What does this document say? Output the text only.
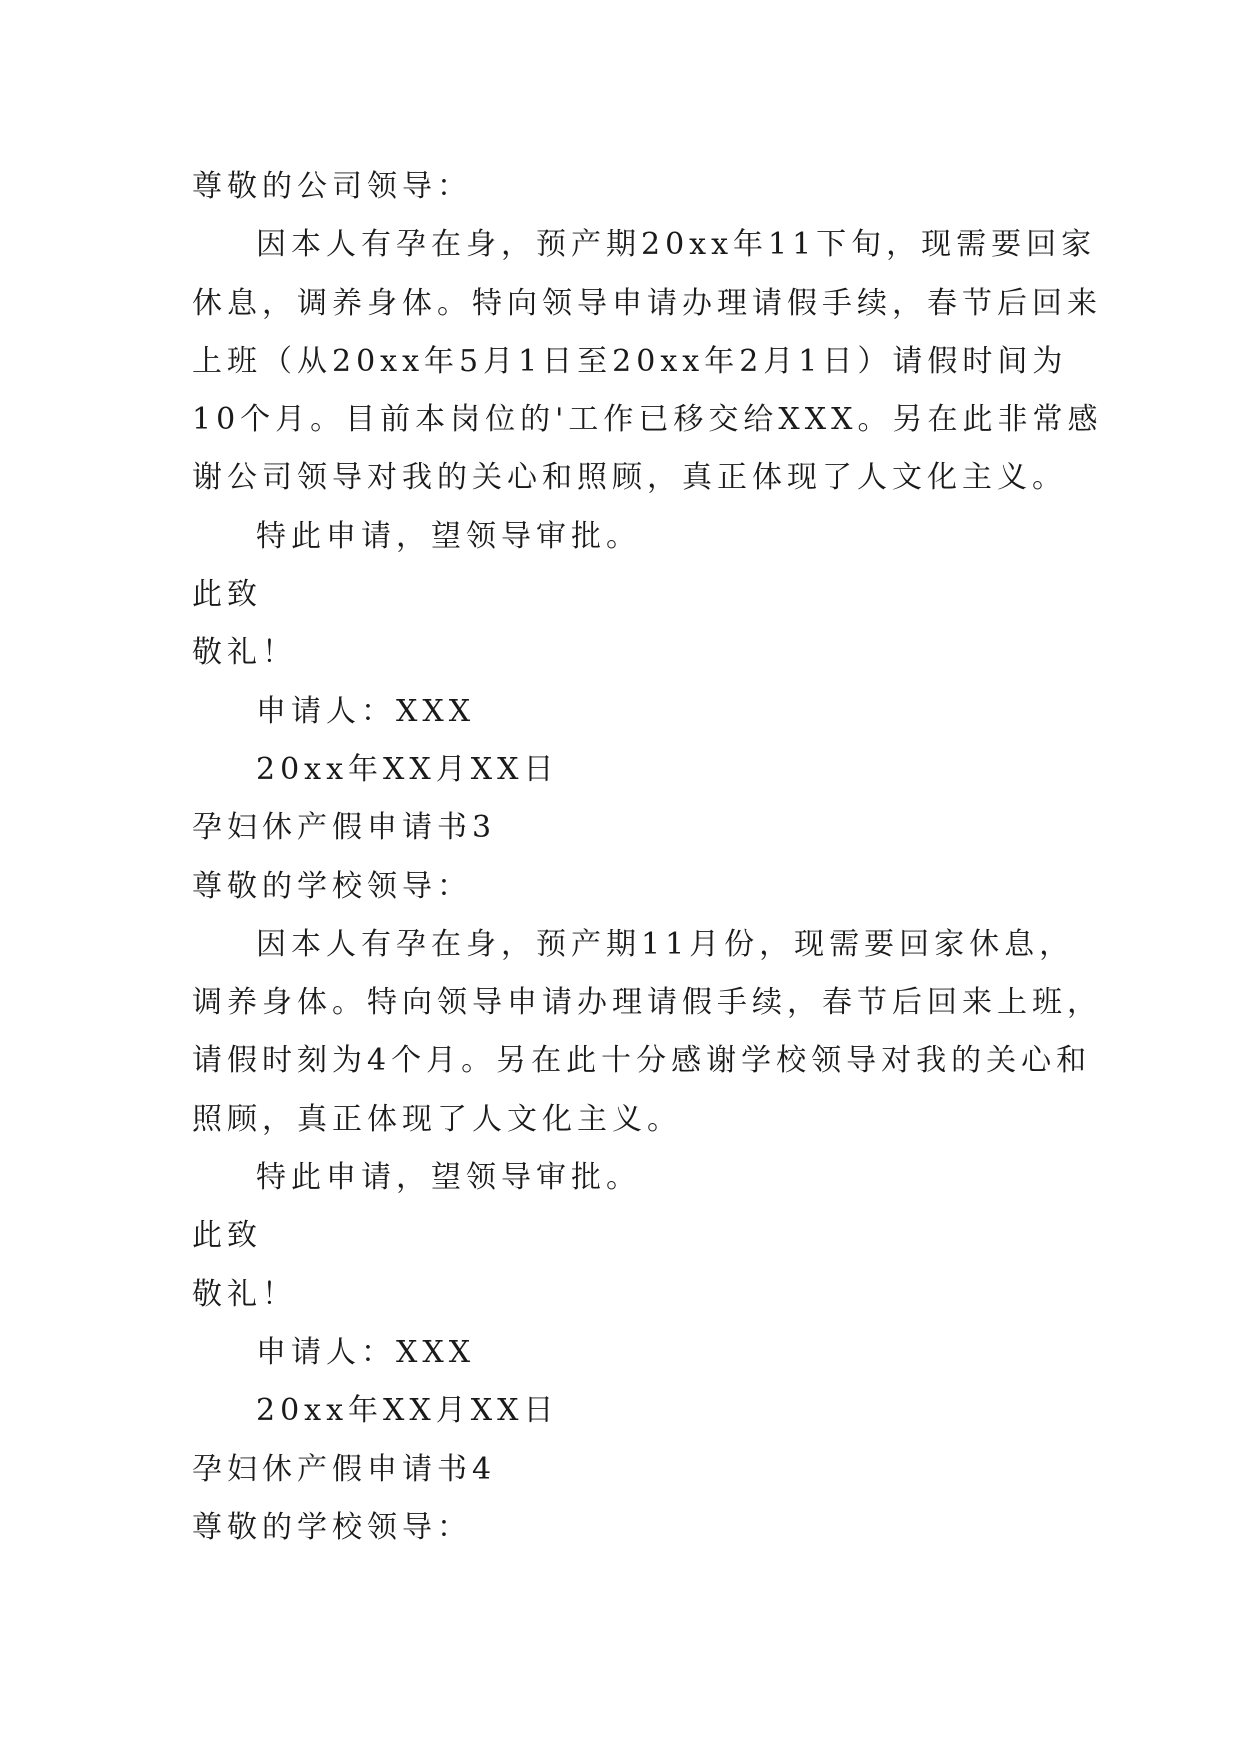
尊敬的公司领导：
因本人有孕在身，预产期20xx年11下旬，现需要回家
休息，调养身体。特向领导申请办理请假手续，春节后回来
上班（从20xx年5月1日至20xx年2月1日）请假时间为
10个月。目前本岗位的'工作已移交给XXX。另在此非常感
谢公司领导对我的关心和照顾，真正体现了人文化主义。
特此申请，望领导审批。
此致
敬礼！
申请人：XXX
20xx年XX月XX日
孕妇休产假申请书3
尊敬的学校领导：
因本人有孕在身，预产期11月份，现需要回家休息，
调养身体。特向领导申请办理请假手续，春节后回来上班，
请假时刻为4个月。另在此十分感谢学校领导对我的关心和
照顾，真正体现了人文化主义。
特此申请，望领导审批。
此致
敬礼！
申请人：XXX
20xx年XX月XX日
孕妇休产假申请书4
尊敬的学校领导：
